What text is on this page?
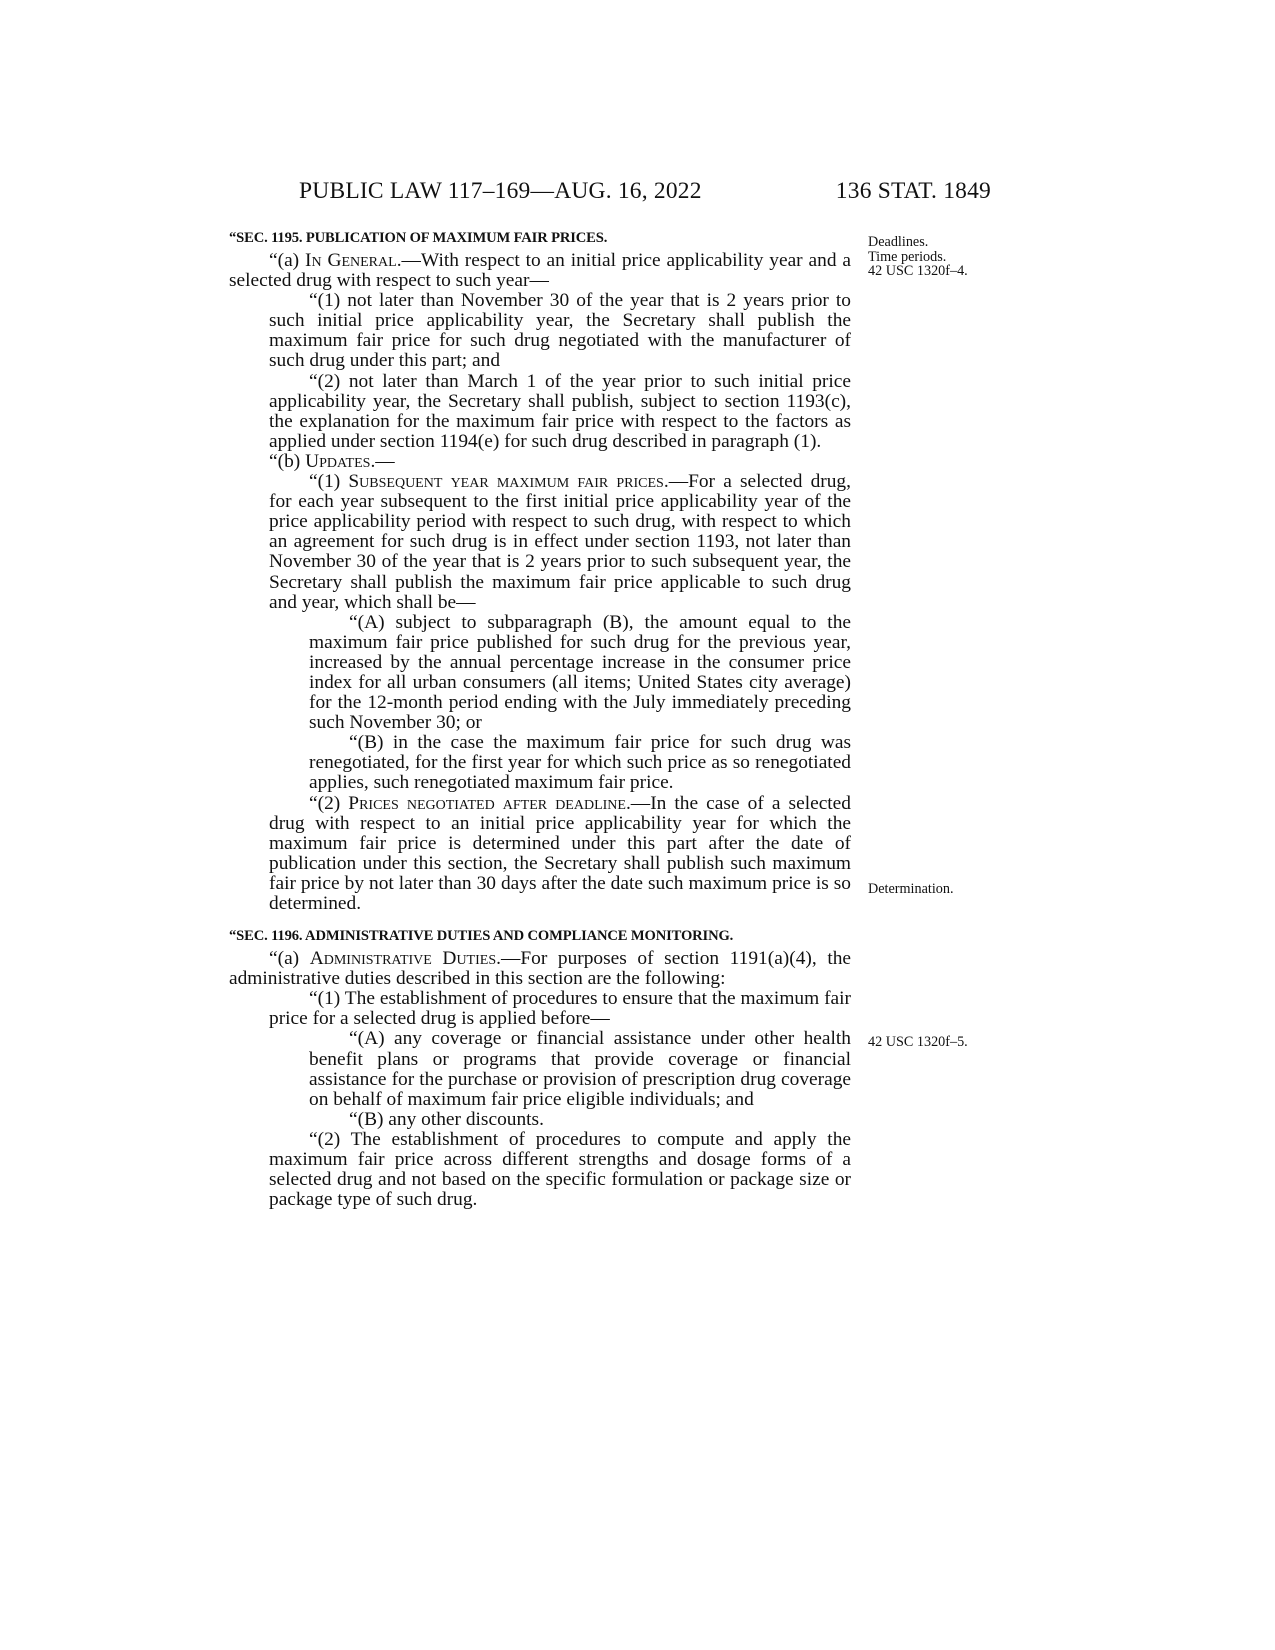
PUBLIC LAW 117–169—AUG. 16, 2022	136 STAT. 1849
“SEC. 1195. PUBLICATION OF MAXIMUM FAIR PRICES.

“(a) In General.—With respect to an initial price applicability year and a selected drug with respect to such year—

“(1) not later than November 30 of the year that is 2 years prior to such initial price applicability year, the Secretary shall publish the maximum fair price for such drug negotiated with the manufacturer of such drug under this part; and

“(2) not later than March 1 of the year prior to such initial price applicability year, the Secretary shall publish, subject to section 1193(c), the explanation for the maximum fair price with respect to the factors as applied under section 1194(e) for such drug described in paragraph (1).

“(b) Updates.—

“(1) Subsequent year maximum fair prices.—For a selected drug, for each year subsequent to the first initial price applicability year of the price applicability period with respect to such drug, with respect to which an agreement for such drug is in effect under section 1193, not later than November 30 of the year that is 2 years prior to such subsequent year, the Secretary shall publish the maximum fair price applicable to such drug and year, which shall be—

“(A) subject to subparagraph (B), the amount equal to the maximum fair price published for such drug for the previous year, increased by the annual percentage increase in the consumer price index for all urban consumers (all items; United States city average) for the 12-month period ending with the July immediately preceding such November 30; or

“(B) in the case the maximum fair price for such drug was renegotiated, for the first year for which such price as so renegotiated applies, such renegotiated maximum fair price.

“(2) Prices negotiated after deadline.—In the case of a selected drug with respect to an initial price applicability year for which the maximum fair price is determined under this part after the date of publication under this section, the Secretary shall publish such maximum fair price by not later than 30 days after the date such maximum price is so determined.

“SEC. 1196. ADMINISTRATIVE DUTIES AND COMPLIANCE MONITORING.

“(a) Administrative Duties.—For purposes of section 1191(a)(4), the administrative duties described in this section are the following:

“(1) The establishment of procedures to ensure that the maximum fair price for a selected drug is applied before—

“(A) any coverage or financial assistance under other health benefit plans or programs that provide coverage or financial assistance for the purchase or provision of prescription drug coverage on behalf of maximum fair price eligible individuals; and

“(B) any other discounts.

“(2) The establishment of procedures to compute and apply the maximum fair price across different strengths and dosage forms of a selected drug and not based on the specific formulation or package size or package type of such drug.

Deadlines.
Time periods.
42 USC 1320f–4.
Determination.
42 USC 1320f–5.
